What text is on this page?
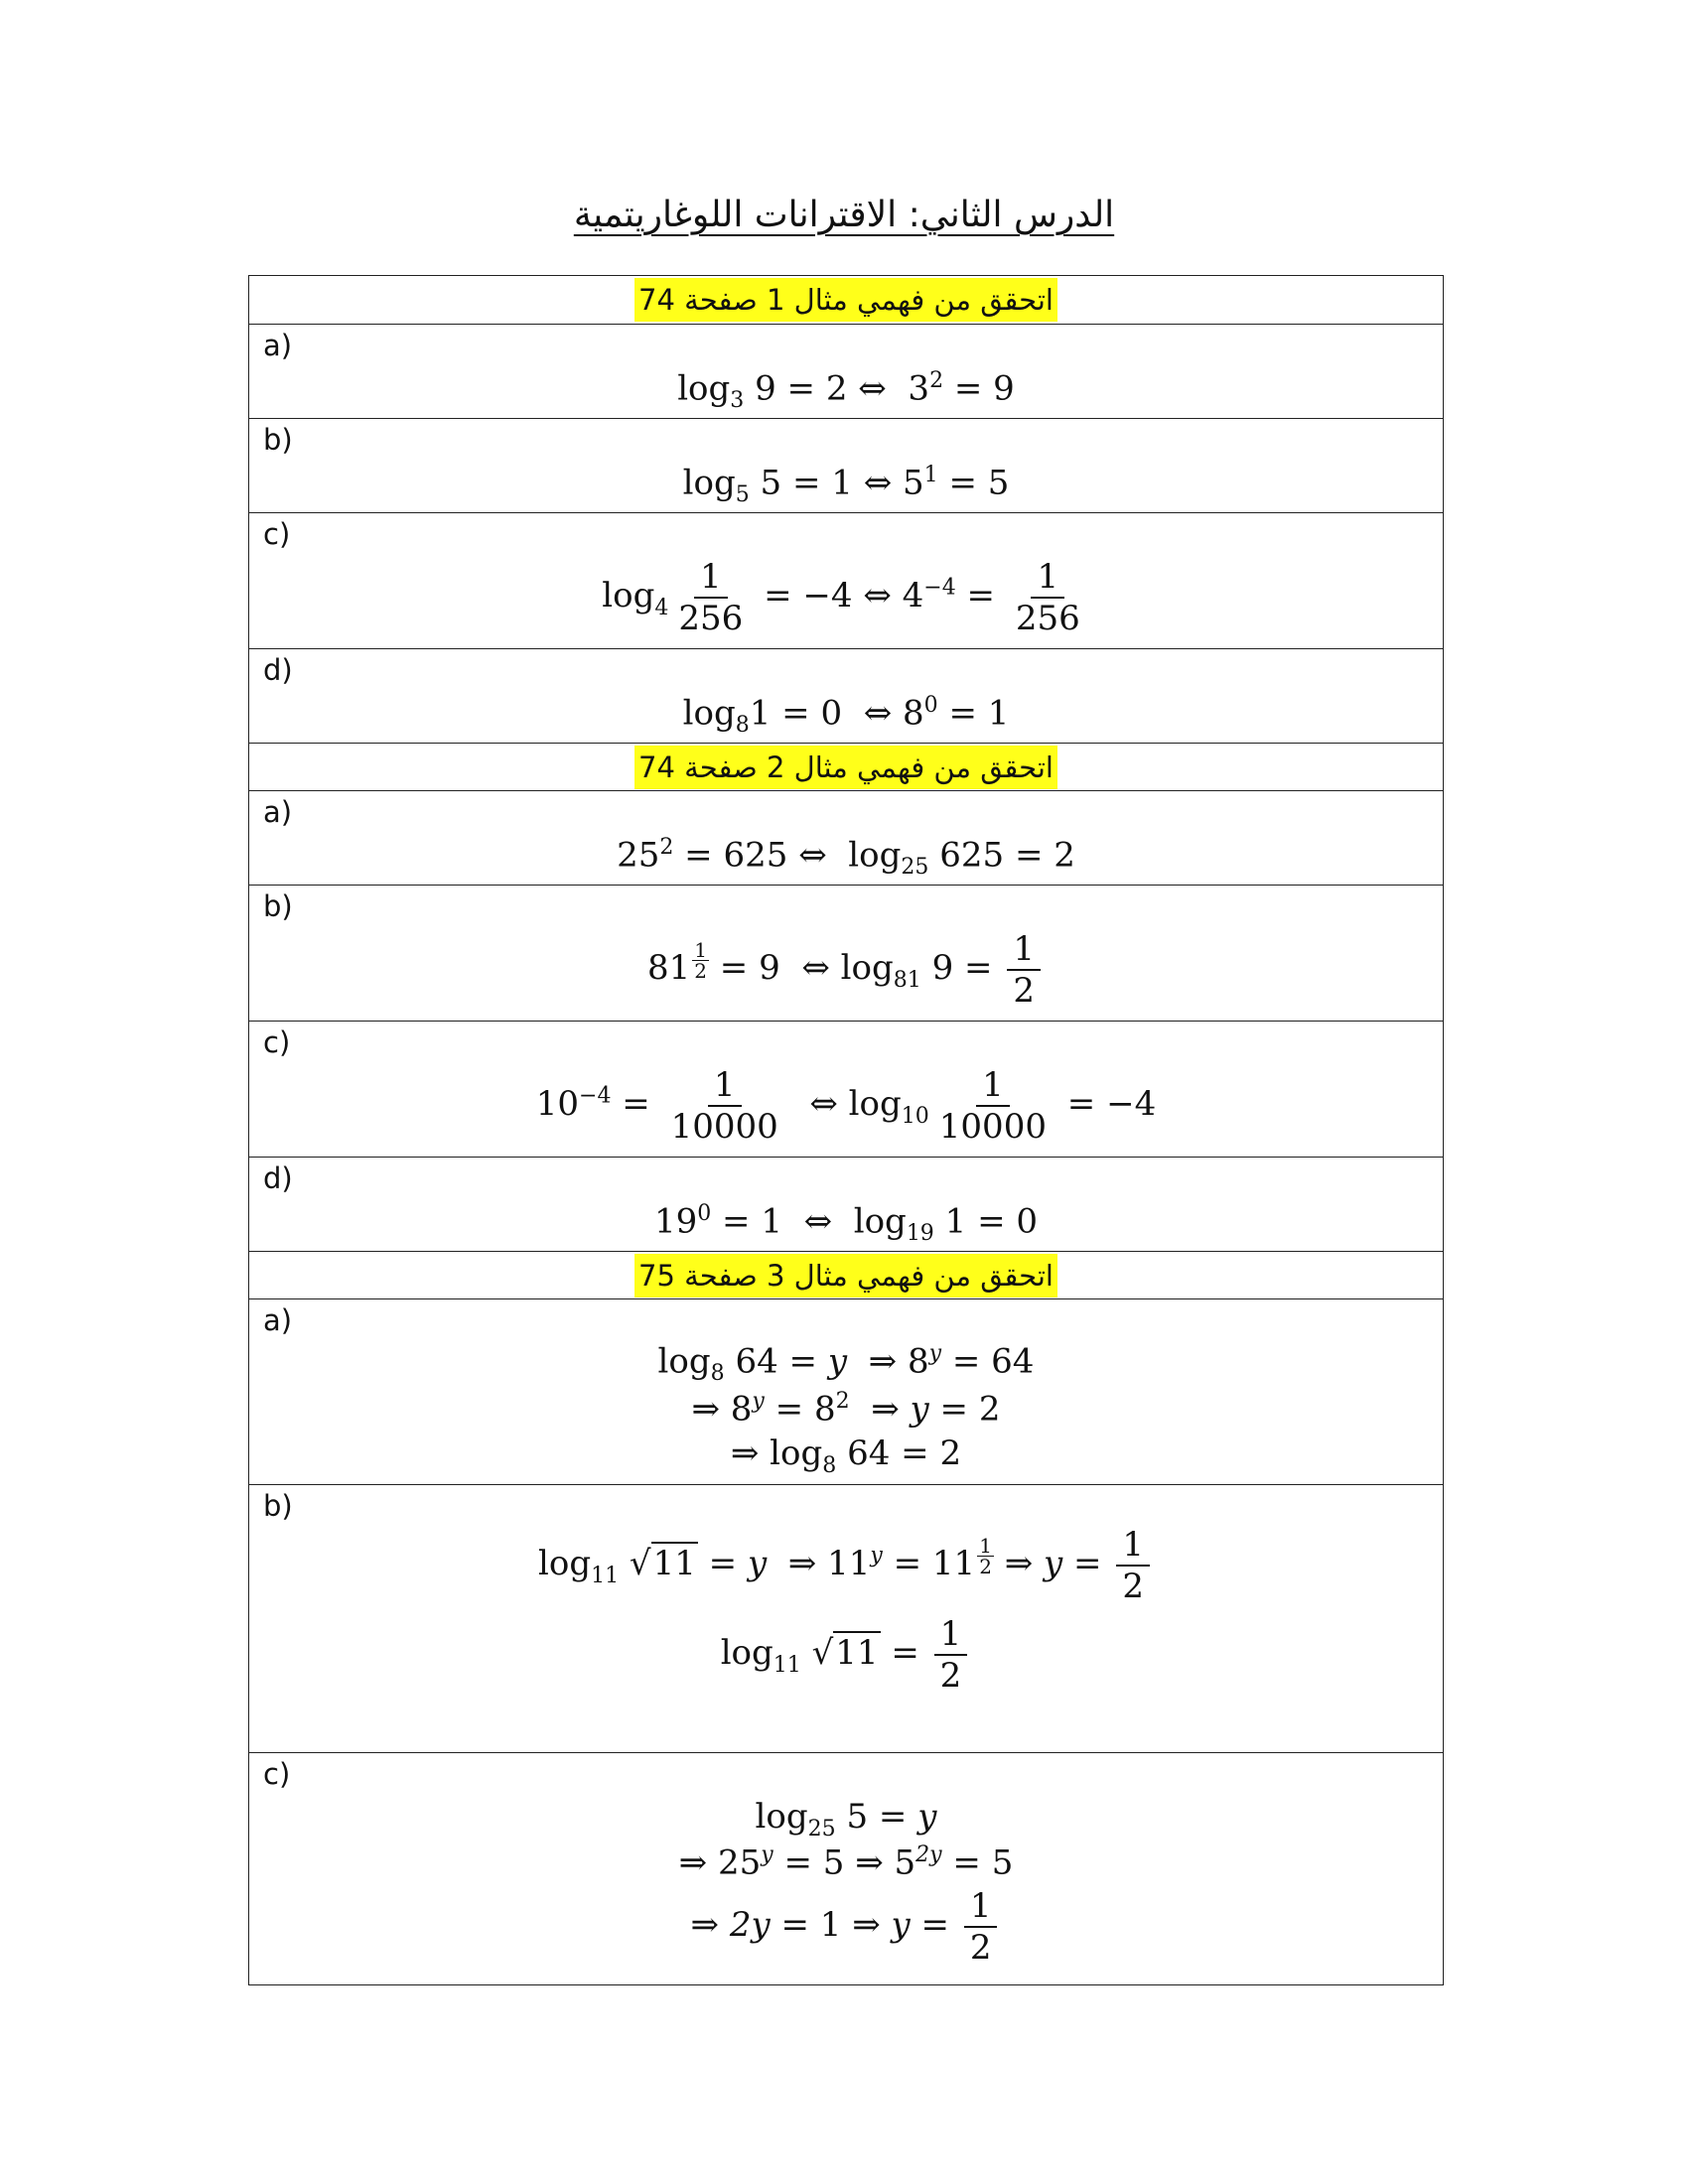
الدرس الثاني: الاقترانات اللوغاريتمية
اتحقق من فهمي مثال 1 صفحة 74
a)
$\log_3 9 = 2$ ⇔  $3^2 = 9$
b)
$\log_5 5 = 1$ ⇔ $5^1 = 5$
c)
$\log_4 \frac{1}{256} = -4$ ⇔ $4^{-4} = \frac{1}{256}$
d)
$\log_81 = 0$  ⇔ $8^0 = 1$
اتحقق من فهمي مثال 2 صفحة 74
a)
$25^2 = 625$ ⇔  $\log_{25} 625 = 2$
b)
$81 \frac{1}{2} = 9$  ⇔ $\log_{81} 9 = \frac{1}{2}$
c)
$10^{-4} = \frac{1}{10000}$ ⇔ $\log_{10} \frac{1}{10000} = -4$
d)
$19^0 = 1$  ⇔  $\log_{19} 1 = 0$
اتحقق من فهمي مثال 3 صفحة 75
a)
$\log_8 64 = y$  ⇒ $8^y = 64$
⇒ $8^y = 8^2$  ⇒ y = 2
⇒ $\log_8 64 = 2$
b)
$\log_{11} √11 = y$  ⇒ $11^y = 11 \frac{1}{2}$ ⇒ $y = \frac{1}{2}$
$\log_{11} √11 = \frac{1}{2}$
c)
$\log_{25} 5 = y$
⇒ $25^y = 5$ ⇒ $5^{2y} = 5$
⇒ 2y = 1 ⇒ $y = \frac{1}{2}$
